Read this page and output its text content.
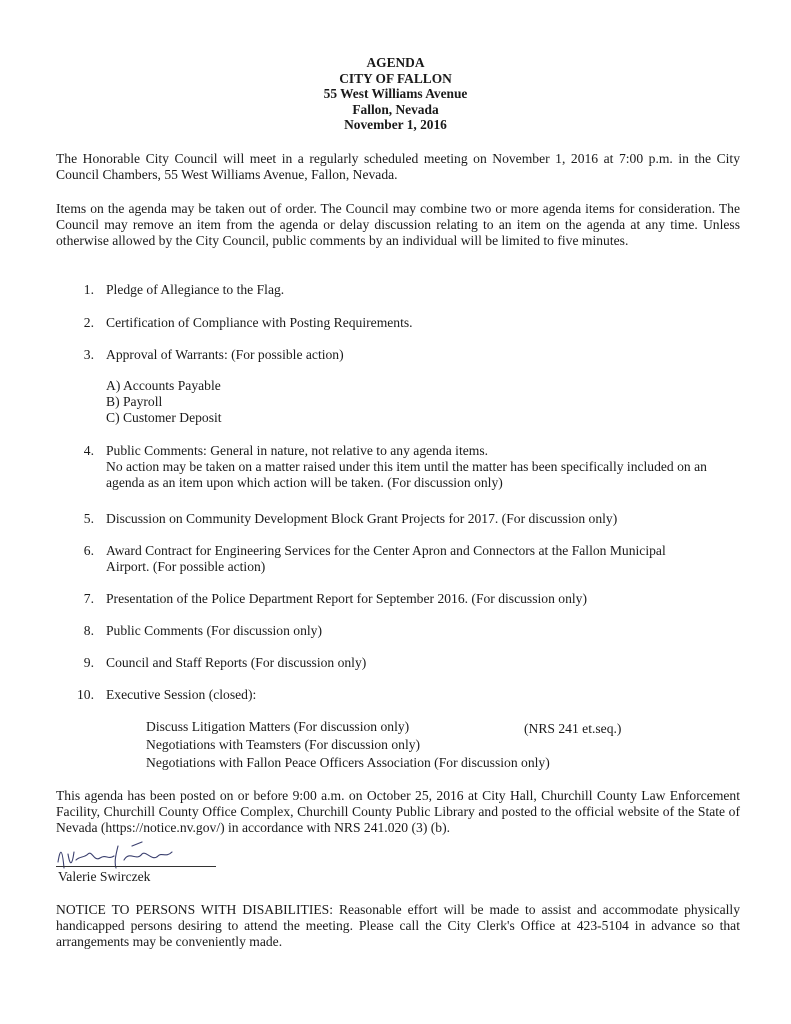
AGENDA
CITY OF FALLON
55 West Williams Avenue
Fallon, Nevada
November 1, 2016

The Honorable City Council will meet in a regularly scheduled meeting on November 1, 2016 at 7:00 p.m. in the City Council Chambers, 55 West Williams Avenue, Fallon, Nevada.

Items on the agenda may be taken out of order. The Council may combine two or more agenda items for consideration. The Council may remove an item from the agenda or delay discussion relating to an item on the agenda at any time. Unless otherwise allowed by the City Council, public comments by an individual will be limited to five minutes.

1. Pledge of Allegiance to the Flag.
2. Certification of Compliance with Posting Requirements.
3. Approval of Warrants: (For possible action)
A) Accounts Payable
B) Payroll
C) Customer Deposit
4. Public Comments: General in nature, not relative to any agenda items.
No action may be taken on a matter raised under this item until the matter has been specifically included on an agenda as an item upon which action will be taken. (For discussion only)
5. Discussion on Community Development Block Grant Projects for 2017. (For discussion only)
6. Award Contract for Engineering Services for the Center Apron and Connectors at the Fallon Municipal Airport. (For possible action)
7. Presentation of the Police Department Report for September 2016. (For discussion only)
8. Public Comments (For discussion only)
9. Council and Staff Reports (For discussion only)
10. Executive Session (closed):
Discuss Litigation Matters (For discussion only)	(NRS 241 et.seq.)
Negotiations with Teamsters (For discussion only)
Negotiations with Fallon Peace Officers Association (For discussion only)

This agenda has been posted on or before 9:00 a.m. on October 25, 2016 at City Hall, Churchill County Law Enforcement Facility, Churchill County Office Complex, Churchill County Public Library and posted to the official website of the State of Nevada (https://notice.nv.gov/) in accordance with NRS 241.020 (3) (b).

Valerie Swirczek

NOTICE TO PERSONS WITH DISABILITIES: Reasonable effort will be made to assist and accommodate physically handicapped persons desiring to attend the meeting. Please call the City Clerk's Office at 423-5104 in advance so that arrangements may be conveniently made.
